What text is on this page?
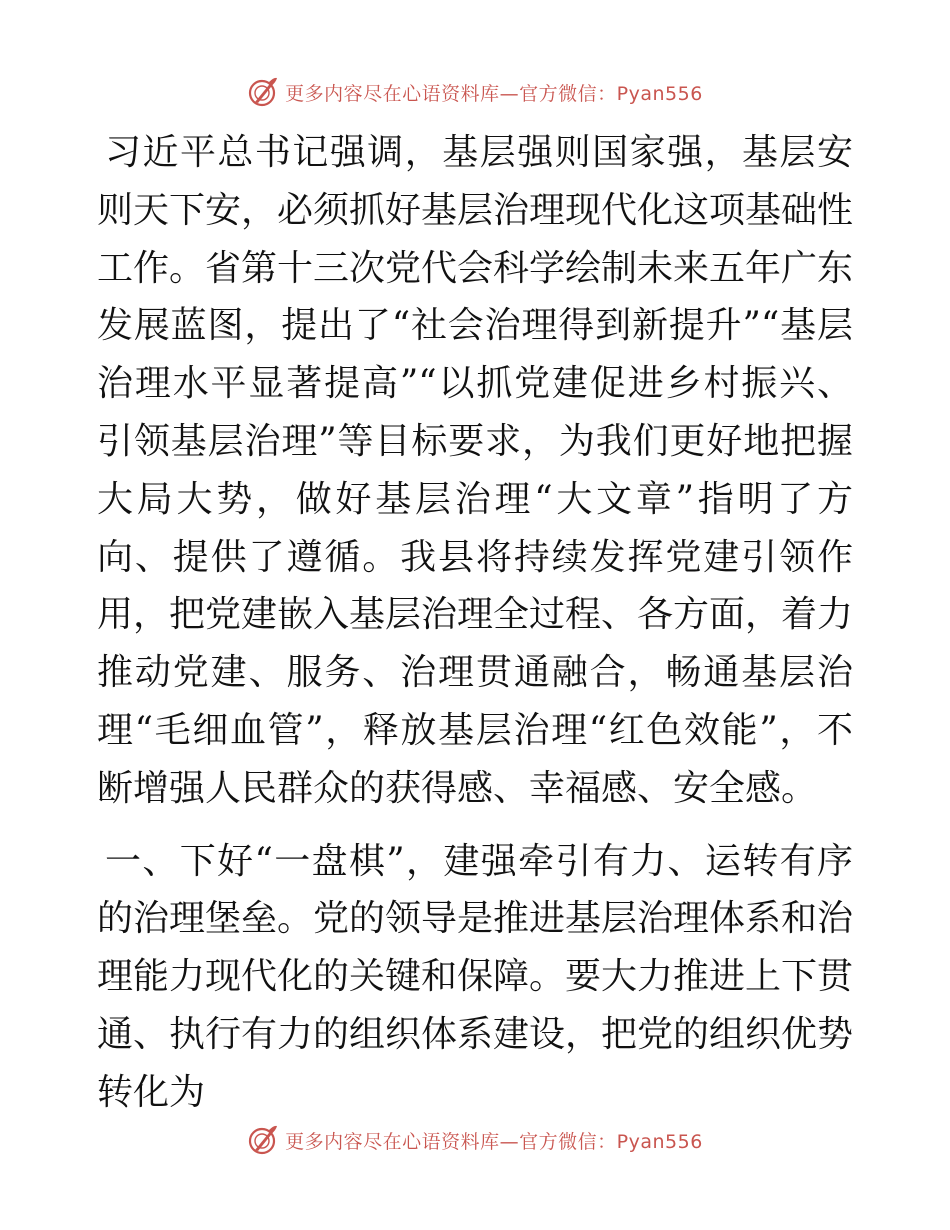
更多内容尽在心语资料库—官方微信：Pyan556

习近平总书记强调，基层强则国家强，基层安则天下安，必须抓好基层治理现代化这项基础性工作。省第十三次党代会科学绘制未来五年广东发展蓝图，提出了“社会治理得到新提升”“基层治理水平显著提高”“以抓党建促进乡村振兴、引领基层治理”等目标要求，为我们更好地把握大局大势，做好基层治理“大文章”指明了方向、提供了遵循。我县将持续发挥党建引领作用，把党建嵌入基层治理全过程、各方面，着力推动党建、服务、治理贯通融合，畅通基层治理“毛细血管”，释放基层治理“红色效能”，不断增强人民群众的获得感、幸福感、安全感。

一、下好“一盘棋”，建强牵引有力、运转有序的治理堡垒。党的领导是推进基层治理体系和治理能力现代化的关键和保障。要大力推进上下贯通、执行有力的组织体系建设，把党的组织优势转化为

更多内容尽在心语资料库—官方微信：Pyan556
